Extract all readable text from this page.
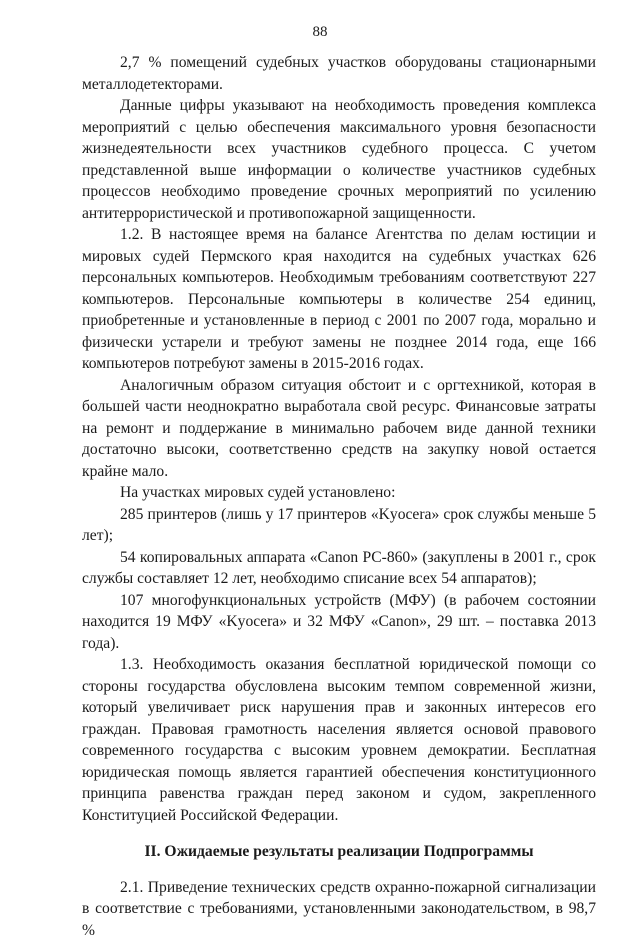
88

2,7 % помещений судебных участков оборудованы стационарными металлодетекторами.

Данные цифры указывают на необходимость проведения комплекса мероприятий с целью обеспечения максимального уровня безопасности жизнедеятельности всех участников судебного процесса. С учетом представленной выше информации о количестве участников судебных процессов необходимо проведение срочных мероприятий по усилению антитеррористической и противопожарной защищенности.

1.2. В настоящее время на балансе Агентства по делам юстиции и мировых судей Пермского края находится на судебных участках 626 персональных компьютеров. Необходимым требованиям соответствуют 227 компьютеров. Персональные компьютеры в количестве 254 единиц, приобретенные и установленные в период с 2001 по 2007 года, морально и физически устарели и требуют замены не позднее 2014 года, еще 166 компьютеров потребуют замены в 2015-2016 годах.

Аналогичным образом ситуация обстоит и с оргтехникой, которая в большей части неоднократно выработала свой ресурс. Финансовые затраты на ремонт и поддержание в минимально рабочем виде данной техники достаточно высоки, соответственно средств на закупку новой остается крайне мало.

На участках мировых судей установлено:

285 принтеров (лишь у 17 принтеров «Kyocera» срок службы меньше 5 лет);

54 копировальных аппарата «Canon PC-860» (закуплены в 2001 г., срок службы составляет 12 лет, необходимо списание всех 54 аппаратов);

107 многофункциональных устройств (МФУ) (в рабочем состоянии находится 19 МФУ «Kyocera» и 32 МФУ «Canon», 29 шт. – поставка 2013 года).

1.3. Необходимость оказания бесплатной юридической помощи со стороны государства обусловлена высоким темпом современной жизни, который увеличивает риск нарушения прав и законных интересов его граждан. Правовая грамотность населения является основой правового современного государства с высоким уровнем демократии. Бесплатная юридическая помощь является гарантией обеспечения конституционного принципа равенства граждан перед законом и судом, закрепленного Конституцией Российской Федерации.

II. Ожидаемые результаты реализации Подпрограммы

2.1. Приведение технических средств охранно-пожарной сигнализации в соответствие с требованиями, установленными законодательством, в 98,7 %
